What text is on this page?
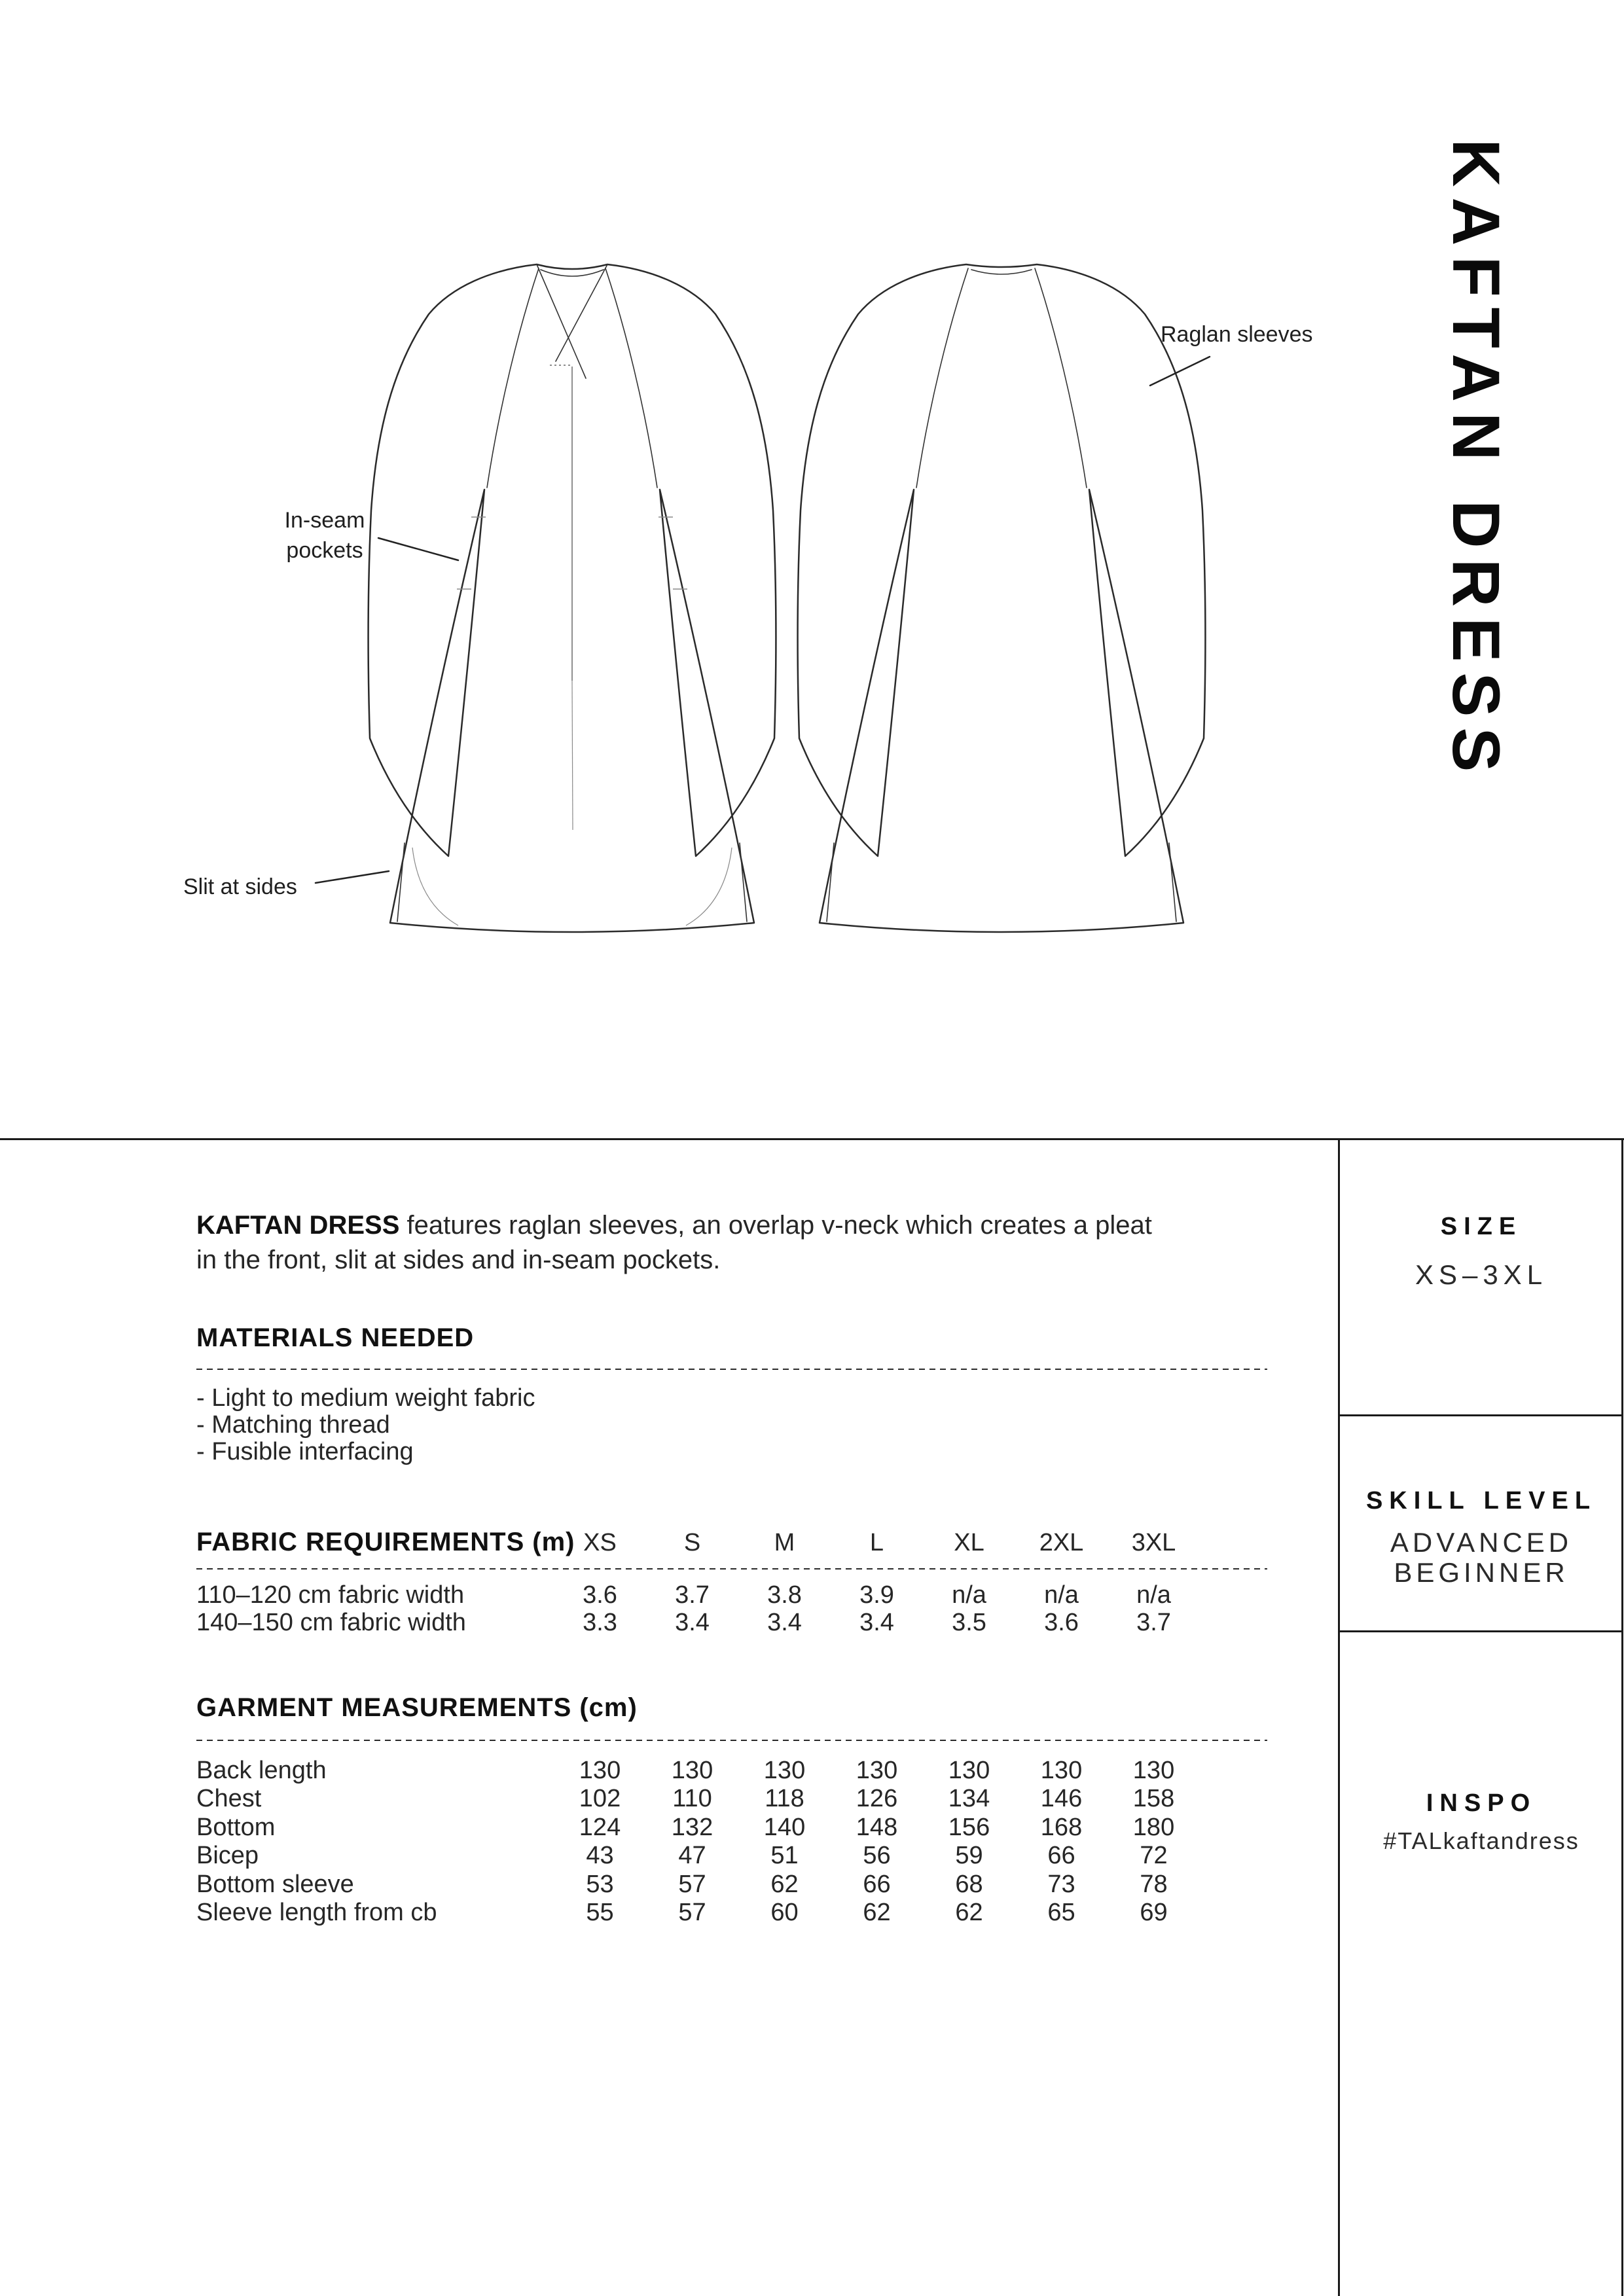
Raglan sleeves
In-seam
pockets
Slit at sides
KAFTAN DRESS
KAFTAN DRESS features raglan sleeves, an overlap v-neck which creates a pleat in the front, slit at sides and in-seam pockets.
MATERIALS NEEDED
- Light to medium weight fabric
- Matching thread
- Fusible interfacing
FABRIC REQUIREMENTS (m) XS	S	M	L	XL	2XL	3XL
110–120 cm fabric width	3.6	3.7	3.8	3.9	n/a	n/a	n/a
140–150 cm fabric width	3.3	3.4	3.4	3.4	3.5	3.6	3.7
GARMENT MEASUREMENTS (cm)
Back length	130	130	130	130	130	130	130
Chest	102	110	118	126	134	146	158
Bottom	124	132	140	148	156	168	180
Bicep	43	47	51	56	59	66	72
Bottom sleeve	53	57	62	66	68	73	78
Sleeve length from cb	55	57	60	62	62	65	69
SIZE
XS–3XL
SKILL LEVEL
ADVANCED
BEGINNER
INSPO
#TALkaftandress
